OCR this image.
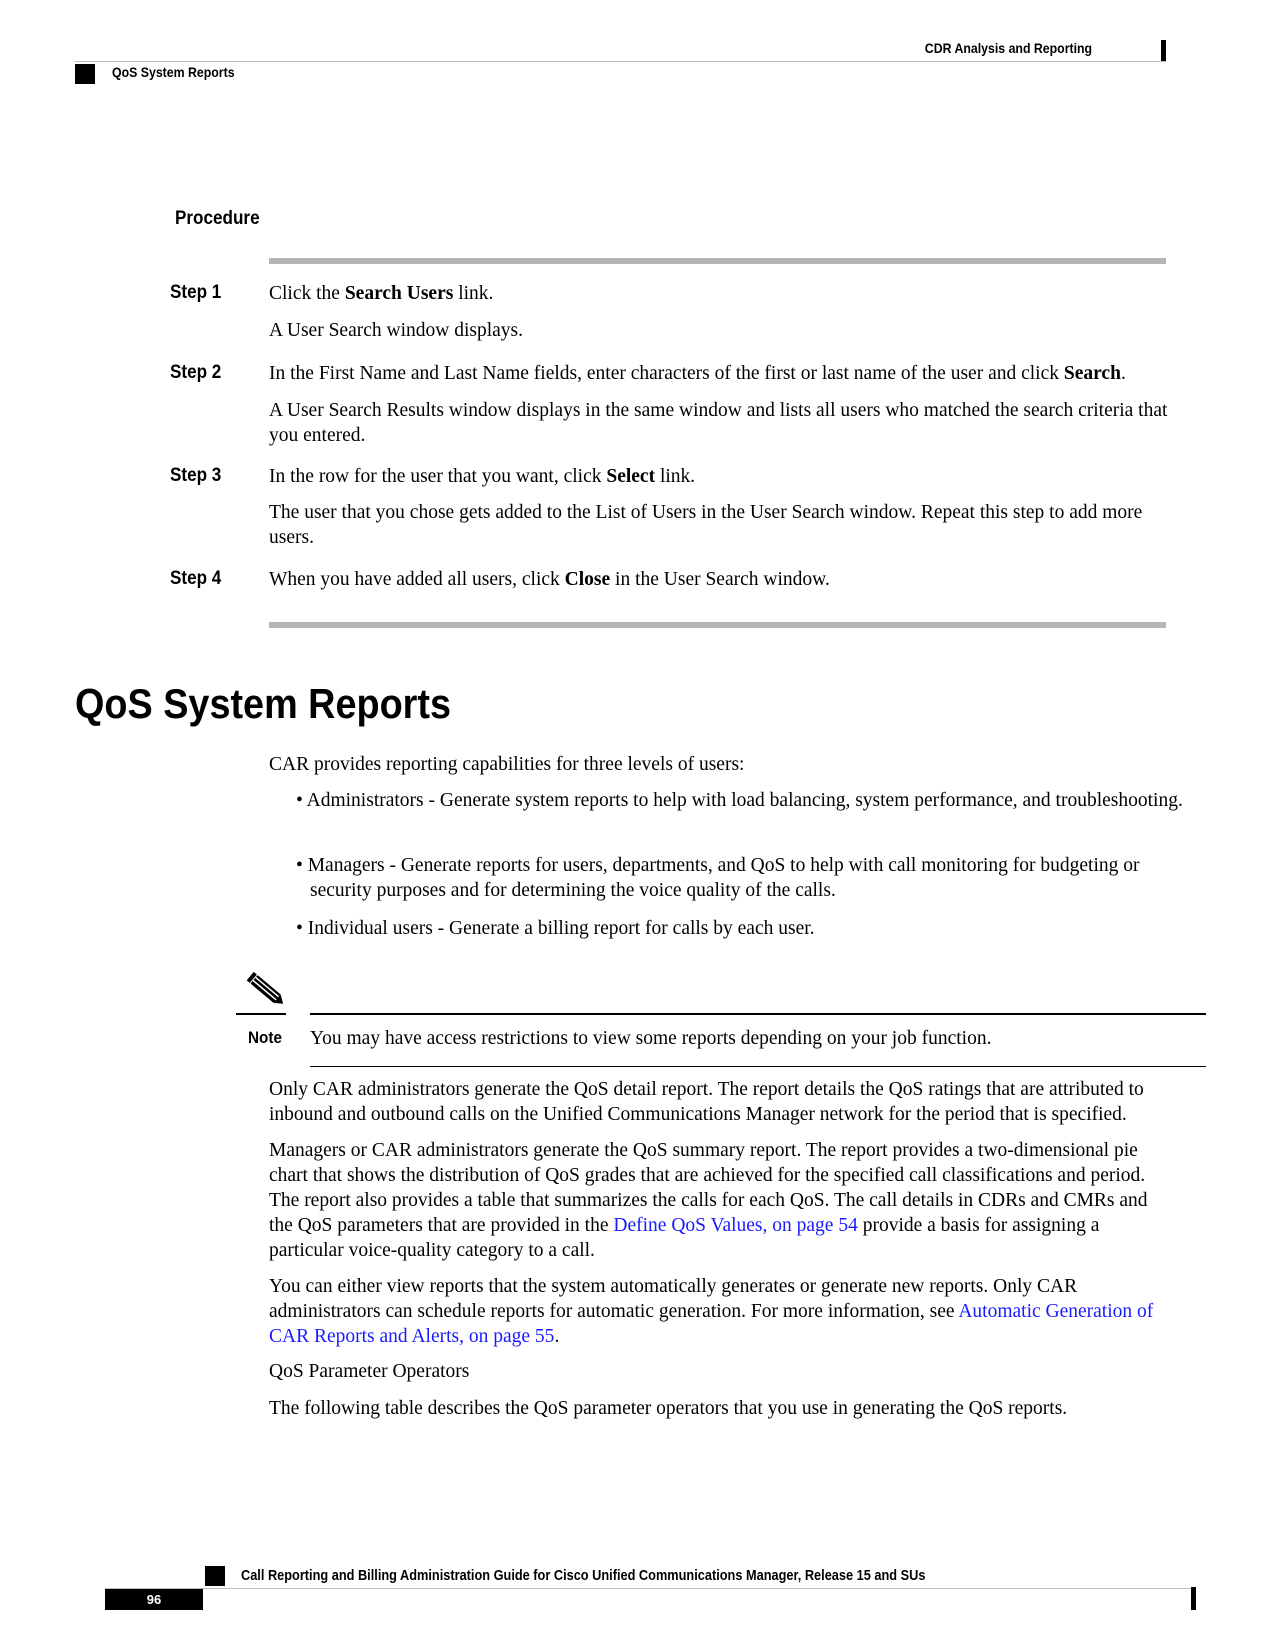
CDR Analysis and Reporting
QoS System Reports
Procedure
Step 1 Click the Search Users link.
A User Search window displays.
Step 2 In the First Name and Last Name fields, enter characters of the first or last name of the user and click Search.
A User Search Results window displays in the same window and lists all users who matched the search criteria that you entered.
Step 3 In the row for the user that you want, click Select link.
The user that you chose gets added to the List of Users in the User Search window. Repeat this step to add more users.
Step 4 When you have added all users, click Close in the User Search window.
QoS System Reports
CAR provides reporting capabilities for three levels of users:
• Administrators - Generate system reports to help with load balancing, system performance, and troubleshooting.
• Managers - Generate reports for users, departments, and QoS to help with call monitoring for budgeting or security purposes and for determining the voice quality of the calls.
• Individual users - Generate a billing report for calls by each user.
Note You may have access restrictions to view some reports depending on your job function.
Only CAR administrators generate the QoS detail report. The report details the QoS ratings that are attributed to inbound and outbound calls on the Unified Communications Manager network for the period that is specified.
Managers or CAR administrators generate the QoS summary report. The report provides a two-dimensional pie chart that shows the distribution of QoS grades that are achieved for the specified call classifications and period. The report also provides a table that summarizes the calls for each QoS. The call details in CDRs and CMRs and the QoS parameters that are provided in the Define QoS Values, on page 54 provide a basis for assigning a particular voice-quality category to a call.
You can either view reports that the system automatically generates or generate new reports. Only CAR administrators can schedule reports for automatic generation. For more information, see Automatic Generation of CAR Reports and Alerts, on page 55.
QoS Parameter Operators
The following table describes the QoS parameter operators that you use in generating the QoS reports.
Call Reporting and Billing Administration Guide for Cisco Unified Communications Manager, Release 15 and SUs
96
